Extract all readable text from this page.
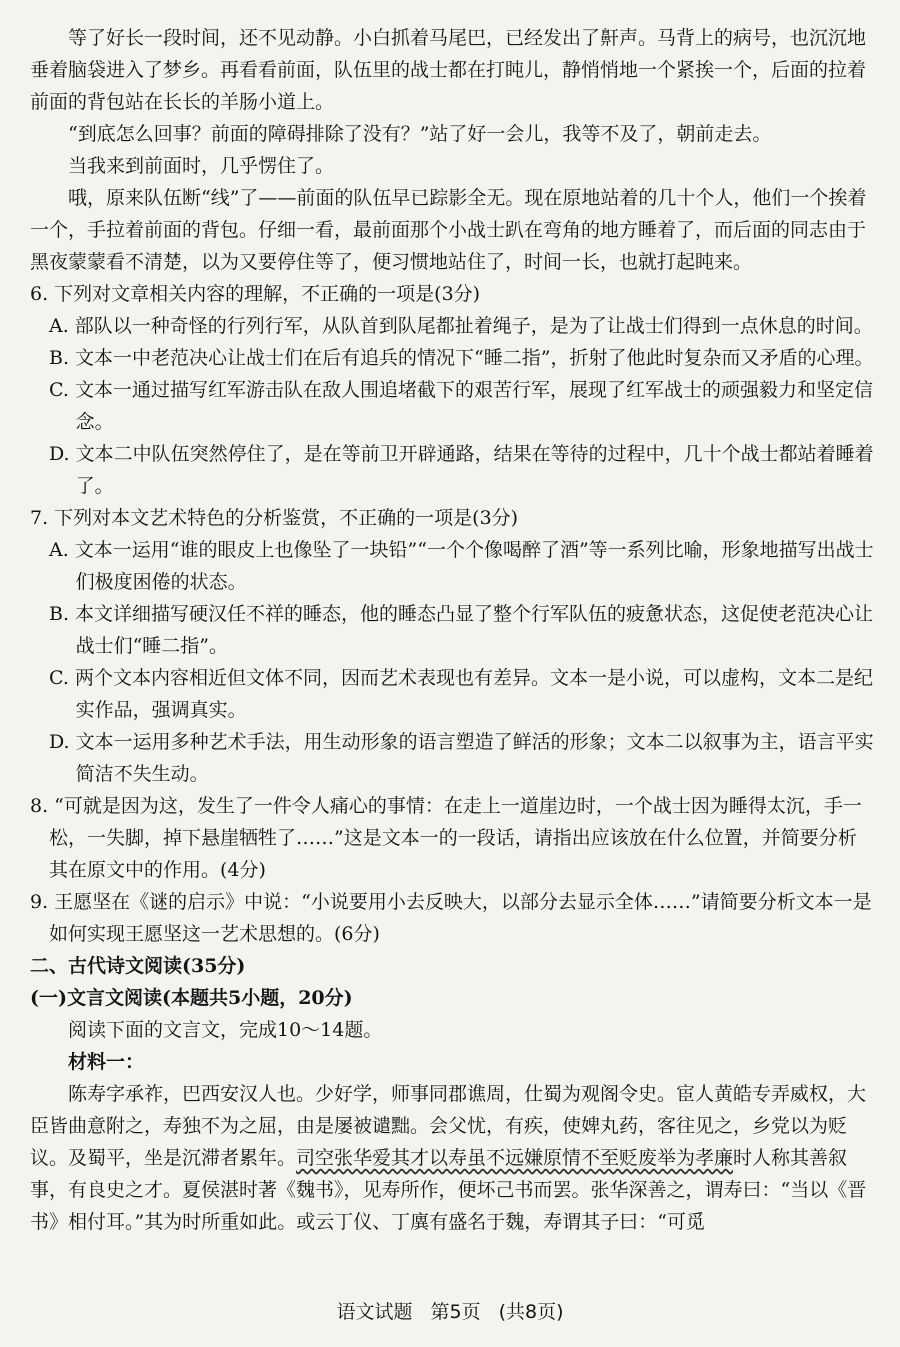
等了好长一段时间，还不见动静。小白抓着马尾巴，已经发出了鼾声。马背上的病号，也沉沉地垂着脑袋进入了梦乡。再看看前面，队伍里的战士都在打盹儿，静悄悄地一个紧挨一个，后面的拉着前面的背包站在长长的羊肠小道上。

“到底怎么回事？前面的障碍排除了没有？”站了好一会儿，我等不及了，朝前走去。

当我来到前面时，几乎愣住了。

哦，原来队伍断“线”了——前面的队伍早已踪影全无。现在原地站着的几十个人，他们一个挨着一个，手拉着前面的背包。仔细一看，最前面那个小战士趴在弯角的地方睡着了，而后面的同志由于黑夜蒙蒙看不清楚，以为又要停住等了，便习惯地站住了，时间一长，也就打起盹来。

6. 下列对文章相关内容的理解，不正确的一项是(3分)

A. 部队以一种奇怪的行列行军，从队首到队尾都扯着绳子，是为了让战士们得到一点休息的时间。

B. 文本一中老范决心让战士们在后有追兵的情况下“睡二指”，折射了他此时复杂而又矛盾的心理。

C. 文本一通过描写红军游击队在敌人围追堵截下的艰苦行军，展现了红军战士的顽强毅力和坚定信念。

D. 文本二中队伍突然停住了，是在等前卫开辟通路，结果在等待的过程中，几十个战士都站着睡着了。

7. 下列对本文艺术特色的分析鉴赏，不正确的一项是(3分)

A. 文本一运用“谁的眼皮上也像坠了一块铅”“一个个像喝醉了酒”等一系列比喻，形象地描写出战士们极度困倦的状态。

B. 本文详细描写硬汉任不祥的睡态，他的睡态凸显了整个行军队伍的疲惫状态，这促使老范决心让战士们“睡二指”。

C. 两个文本内容相近但文体不同，因而艺术表现也有差异。文本一是小说，可以虚构，文本二是纪实作品，强调真实。

D. 文本一运用多种艺术手法，用生动形象的语言塑造了鲜活的形象；文本二以叙事为主，语言平实简洁不失生动。

8. “可就是因为这，发生了一件令人痛心的事情：在走上一道崖边时，一个战士因为睡得太沉，手一松，一失脚，掉下悬崖牺牲了……”这是文本一的一段话，请指出应该放在什么位置，并简要分析其在原文中的作用。(4分)

9. 王愿坚在《谜的启示》中说：“小说要用小去反映大，以部分去显示全体……”请简要分析文本一是如何实现王愿坚这一艺术思想的。(6分)

二、古代诗文阅读(35分)

(一)文言文阅读(本题共5小题，20分)

阅读下面的文言文，完成10～14题。

材料一：

陈寿字承祚，巴西安汉人也。少好学，师事同郡谯周，仕蜀为观阁令史。宦人黄皓专弄威权，大臣皆曲意附之，寿独不为之屈，由是屡被谴黜。会父忧，有疾，使婢丸药，客往见之，乡党以为贬议。及蜀平，坐是沉滞者累年。司空张华爱其才以寿虽不远嫌原情不至贬废举为孝廉时人称其善叙事，有良史之才。夏侯湛时著《魏书》，见寿所作，便坏己书而罢。张华深善之，谓寿曰：“当以《晋书》相付耳。”其为时所重如此。或云丁仪、丁廙有盛名于魏，寿谓其子曰：“可觅

语文试题 第5页 (共8页)
